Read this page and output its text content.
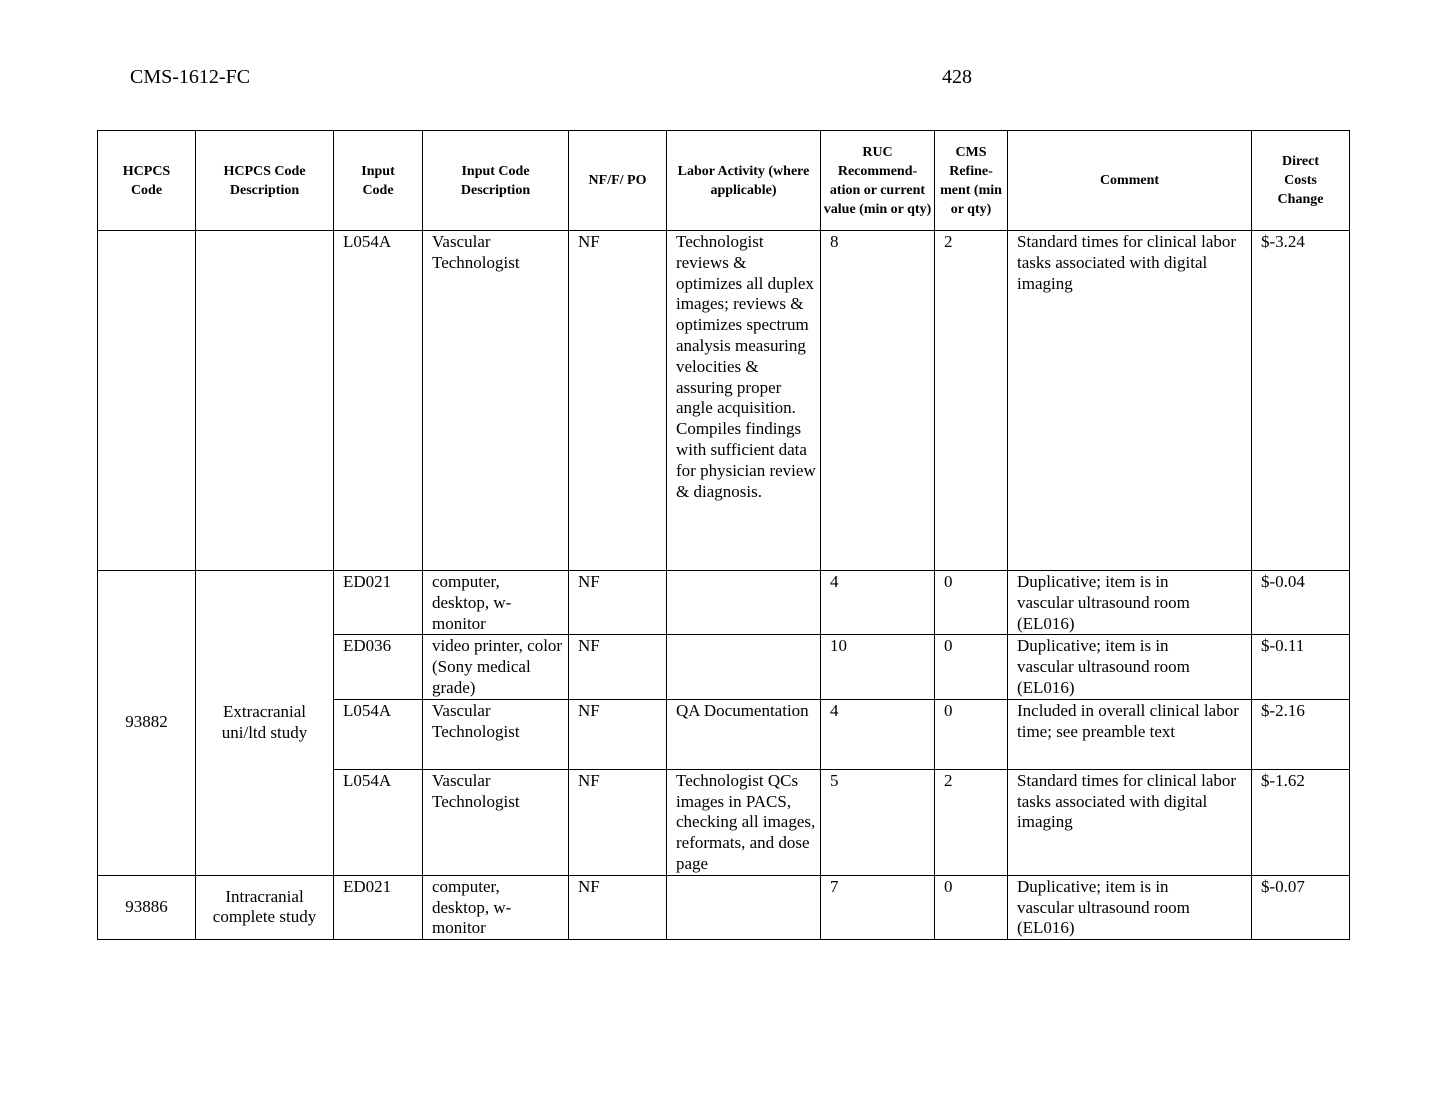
CMS-1612-FC	428
HCPCS Code	HCPCS Code Description	Input Code	Input Code Description	NF/F/ PO	Labor Activity (where applicable)	RUC Recommend-ation or current value (min or qty)	CMS Refine-ment (min or qty)	Comment	Direct Costs Change
		L054A	Vascular Technologist	NF	Technologist reviews & optimizes all duplex images; reviews & optimizes spectrum analysis measuring velocities & assuring proper angle acquisition. Compiles findings with sufficient data for physician review & diagnosis.	8	2	Standard times for clinical labor tasks associated with digital imaging	$-3.24
93882	Extracranial uni/ltd study	ED021	computer, desktop, w-monitor	NF		4	0	Duplicative; item is in vascular ultrasound room (EL016)	$-0.04
		ED036	video printer, color (Sony medical grade)	NF		10	0	Duplicative; item is in vascular ultrasound room (EL016)	$-0.11
		L054A	Vascular Technologist	NF	QA Documentation	4	0	Included in overall clinical labor time; see preamble text	$-2.16
		L054A	Vascular Technologist	NF	Technologist QCs images in PACS, checking all images, reformats, and dose page	5	2	Standard times for clinical labor tasks associated with digital imaging	$-1.62
93886	Intracranial complete study	ED021	computer, desktop, w-monitor	NF		7	0	Duplicative; item is in vascular ultrasound room (EL016)	$-0.07
